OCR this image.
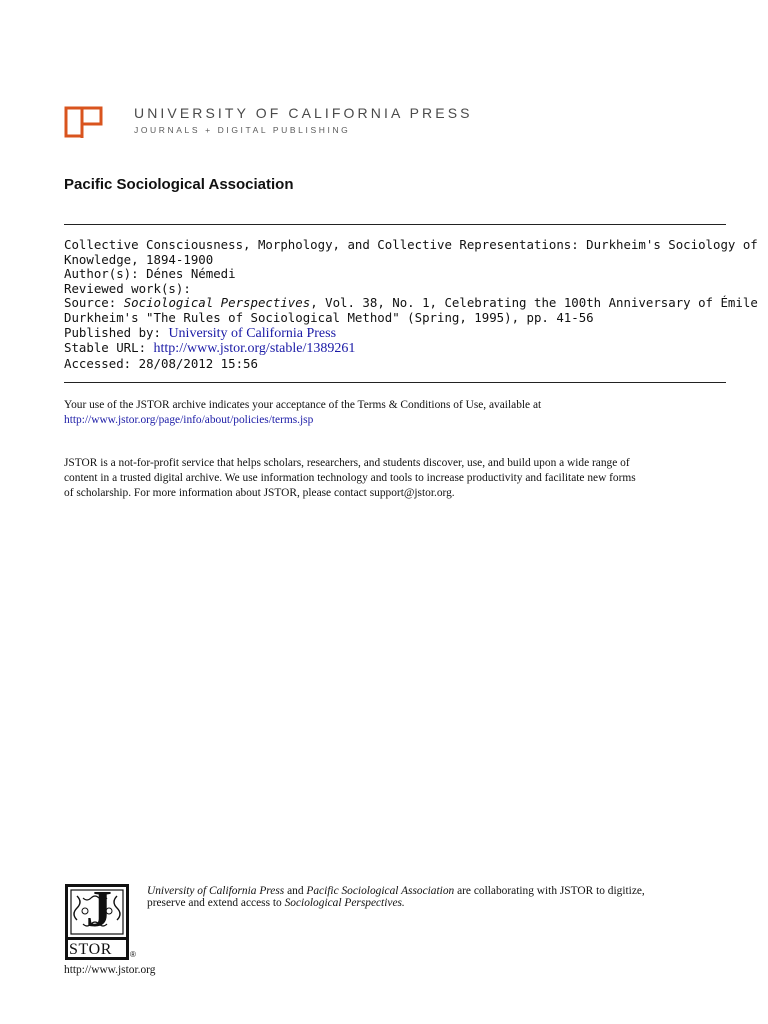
UNIVERSITY OF CALIFORNIA PRESS
JOURNALS + DIGITAL PUBLISHING
Pacific Sociological Association
Collective Consciousness, Morphology, and Collective Representations: Durkheim's Sociology of
Knowledge, 1894-1900
Author(s): Dénes Némedi
Reviewed work(s):
Source: Sociological Perspectives, Vol. 38, No. 1, Celebrating the 100th Anniversary of Émile
Durkheim's "The Rules of Sociological Method" (Spring, 1995), pp. 41-56
Published by: University of California Press
Stable URL: http://www.jstor.org/stable/1389261
Accessed: 28/08/2012 15:56
Your use of the JSTOR archive indicates your acceptance of the Terms & Conditions of Use, available at
http://www.jstor.org/page/info/about/policies/terms.jsp
JSTOR is a not-for-profit service that helps scholars, researchers, and students discover, use, and build upon a wide range of
content in a trusted digital archive. We use information technology and tools to increase productivity and facilitate new forms
of scholarship. For more information about JSTOR, please contact support@jstor.org.
J
STOR ®
University of California Press and Pacific Sociological Association are collaborating with JSTOR to digitize,
preserve and extend access to Sociological Perspectives.
http://www.jstor.org
